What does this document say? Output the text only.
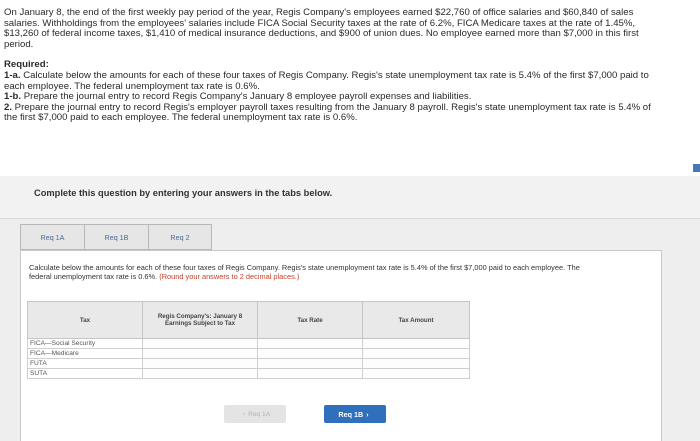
On January 8, the end of the first weekly pay period of the year, Regis Company's employees earned $22,760 of office salaries and $60,840 of sales salaries. Withholdings from the employees' salaries include FICA Social Security taxes at the rate of 6.2%, FICA Medicare taxes at the rate of 1.45%, $13,260 of federal income taxes, $1,410 of medical insurance deductions, and $900 of union dues. No employee earned more than $7,000 in this first period.

Required:

1-a. Calculate below the amounts for each of these four taxes of Regis Company. Regis's state unemployment tax rate is 5.4% of the first $7,000 paid to each employee. The federal unemployment tax rate is 0.6%.

1-b. Prepare the journal entry to record Regis Company's January 8 employee payroll expenses and liabilities.

2. Prepare the journal entry to record Regis's employer payroll taxes resulting from the January 8 payroll. Regis's state unemployment tax rate is 5.4% of the first $7,000 paid to each employee. The federal unemployment tax rate is 0.6%.

Complete this question by entering your answers in the tabs below.
Req 1A	Req 1B	Req 2
Calculate below the amounts for each of these four taxes of Regis Company. Regis's state unemployment tax rate is 5.4% of the first $7,000 paid to each employee. The federal unemployment tax rate is 0.6%. (Round your answers to 2 decimal places.)
Tax	Regis Company's: January 8 Earnings Subject to Tax	Tax Rate	Tax Amount
FICA—Social Security			
FICA—Medicare			
FUTA			
SUTA			
‹ Req 1A	Req 1B ›
